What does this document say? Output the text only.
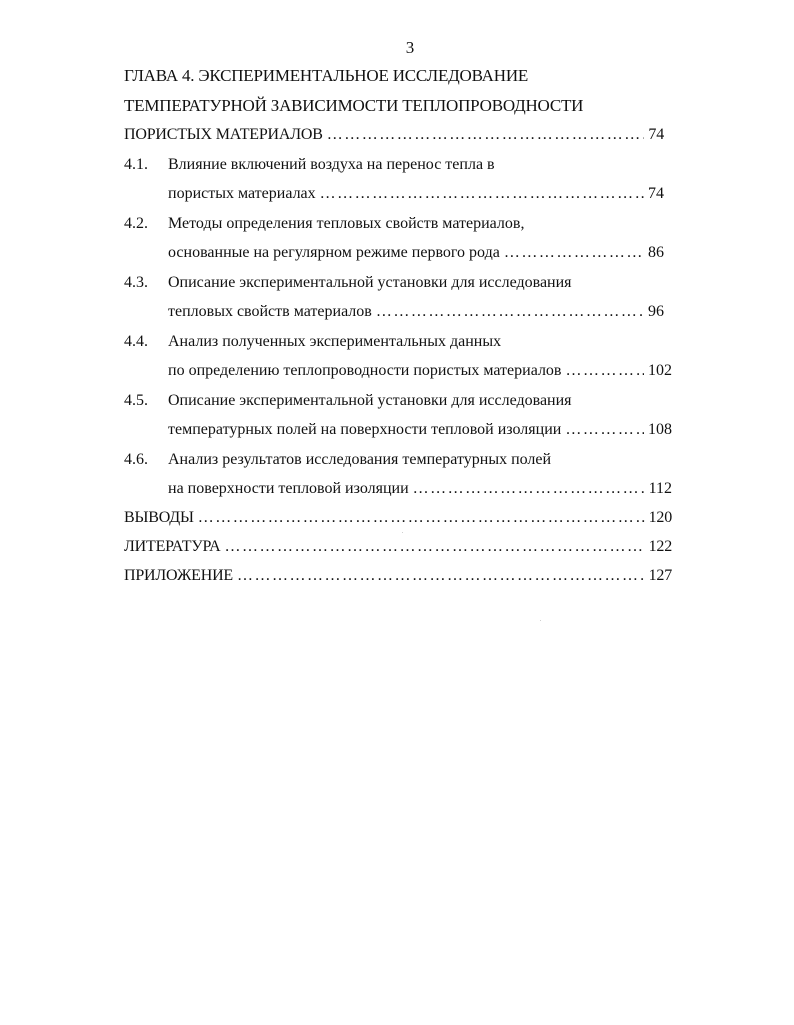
3
ГЛАВА 4. ЭКСПЕРИМЕНТАЛЬНОЕ ИССЛЕДОВАНИЕ
ТЕМПЕРАТУРНОЙ ЗАВИСИМОСТИ ТЕПЛОПРОВОДНОСТИ
ПОРИСТЫХ МАТЕРИАЛОВ …………………………………………………………………………………………………………………………………………………………………………	74
4.1. Влияние включений воздуха на перенос тепла в
пористых материалах …………………………………………………………………………………………………………………………………………………………………………	74
4.2. Методы определения тепловых свойств материалов,
основанные на регулярном режиме первого рода …………………………………………………………………………………………………………………………………………………………………………	86
4.3. Описание экспериментальной установки для исследования
тепловых свойств материалов …………………………………………………………………………………………………………………………………………………………………………	96
4.4. Анализ полученных экспериментальных данных
по определению теплопроводности пористых материалов …………………………………………………………………………………………………………………………………………………………………………	102
4.5. Описание экспериментальной установки для исследования
температурных полей на поверхности тепловой изоляции …………………………………………………………………………………………………………………………………………………………………………	108
4.6. Анализ результатов исследования температурных полей
на поверхности тепловой изоляции …………………………………………………………………………………………………………………………………………………………………………	112
ВЫВОДЫ …………………………………………………………………………………………………………………………………………………………………………	120
ЛИТЕРАТУРА …………………………………………………………………………………………………………………………………………………………………………	122
ПРИЛОЖЕНИЕ …………………………………………………………………………………………………………………………………………………………………………	127
